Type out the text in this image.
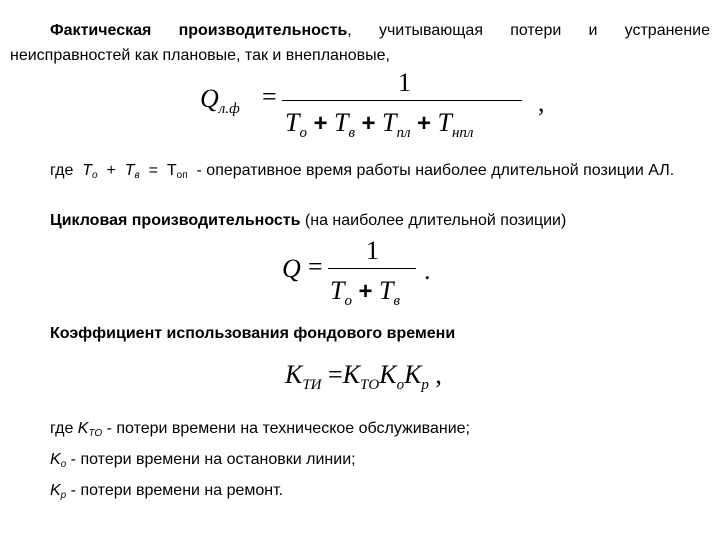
Фактическая производительность, учитывающая потери и устранение неисправностей как плановые, так и внеплановые,
$Q_{л.ф}$ =	1
$T_о + T_в + T_{пл} + T_{нпл}$
,
где $T_о + T_в = Т_{оп}$ - оперативное время работы наиболее длительной позиции АЛ.
Цикловая производительность (на наиболее длительной позиции)
Q =
1
$T_о + T_в$
.
Коэффициент использования фондового времени
$K_{ТИ} =K_{ТО}K_оK_р$ ,
где $K_{ТО}$ - потери времени на техническое обслуживание;
$K_о$ - потери времени на остановки линии;
$K_р$ - потери времени на ремонт.
